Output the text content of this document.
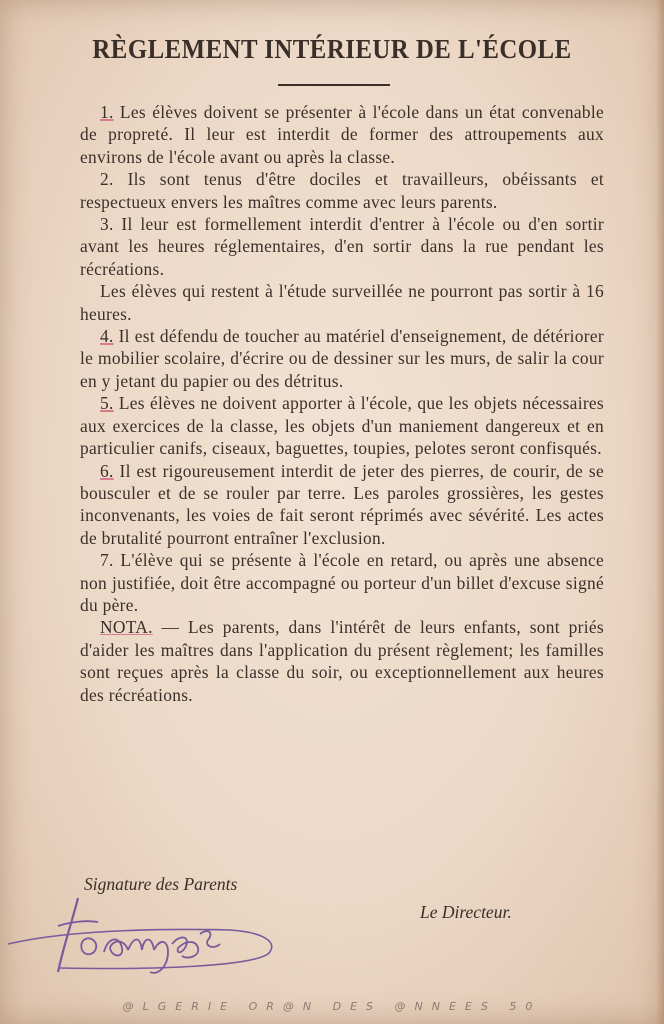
RÈGLEMENT INTÉRIEUR DE L'ÉCOLE

1. Les élèves doivent se présenter à l'école dans un état convenable de propreté. Il leur est interdit de former des attroupements aux environs de l'école avant ou après la classe.

2. Ils sont tenus d'être dociles et travailleurs, obéissants et respectueux envers les maîtres comme avec leurs parents.

3. Il leur est formellement interdit d'entrer à l'école ou d'en sortir avant les heures réglementaires, d'en sortir dans la rue pendant les récréations.

Les élèves qui restent à l'étude surveillée ne pourront pas sortir à 16 heures.

4. Il est défendu de toucher au matériel d'enseignement, de détériorer le mobilier scolaire, d'écrire ou de dessiner sur les murs, de salir la cour en y jetant du papier ou des détritus.

5. Les élèves ne doivent apporter à l'école, que les objets nécessaires aux exercices de la classe, les objets d'un maniement dangereux et en particulier canifs, ciseaux, baguettes, toupies, pelotes seront confisqués.

6. Il est rigoureusement interdit de jeter des pierres, de courir, de se bousculer et de se rouler par terre. Les paroles grossières, les gestes inconvenants, les voies de fait seront réprimés avec sévérité. Les actes de brutalité pourront entraîner l'exclusion.

7. L'élève qui se présente à l'école en retard, ou après une absence non justifiée, doit être accompagné ou porteur d'un billet d'excuse signé du père.

NOTA. — Les parents, dans l'intérêt de leurs enfants, sont priés d'aider les maîtres dans l'application du présent règlement; les familles sont reçues après la classe du soir, ou exceptionnellement aux heures des récréations.

Signature des Parents
Le Directeur.
@LGERIE OR@N DES @NNEES 50
